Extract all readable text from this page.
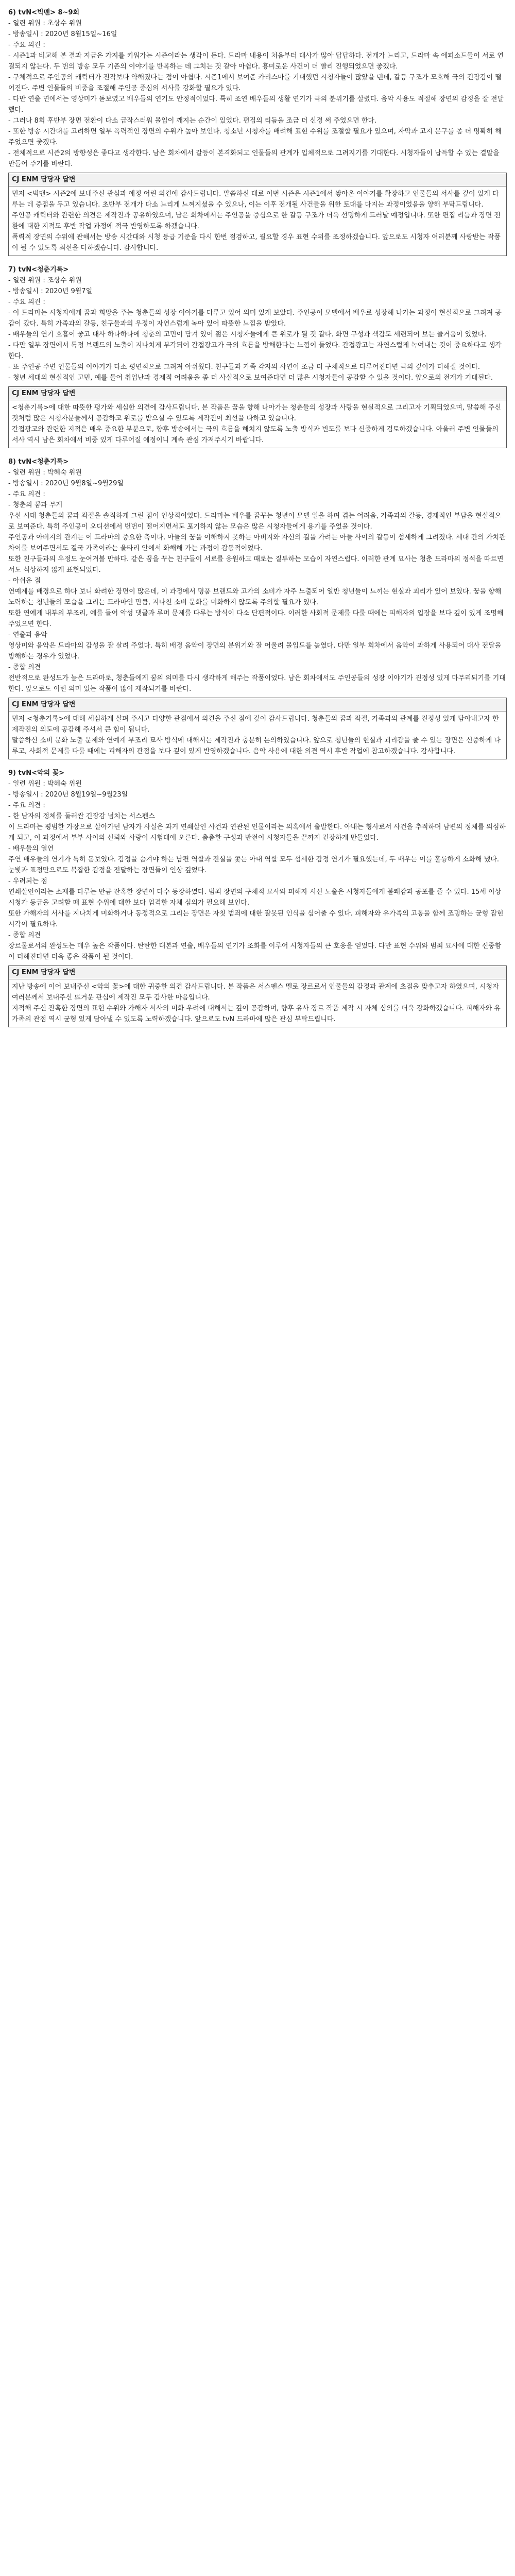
6) tvN<빅맨> 8~9회

- 일련 위원 : 초상수 위원

- 방송일시 : 2020년 8월15일~16일

- 주요 의견 :

- 시즌1과 비교해 본 결과 지금은 가지를 키워가는 시즌이라는 생각이 든다. 드라마 내용이 처음부터 대사가 많아 답답하다. 전개가 느리고, 드라마 속 에피소드들이 서로 연결되지 않는다. 두 번의 방송 모두 기존의 이야기를 반복하는 데 그치는 것 같아 아쉽다. 흥미로운 사건이 더 빨리 진행되었으면 좋겠다.

- 구체적으로 주인공의 캐릭터가 전작보다 약해졌다는 점이 아쉽다. 시즌1에서 보여준 카리스마를 기대했던 시청자들이 많았을 텐데, 갈등 구조가 모호해 극의 긴장감이 떨어진다. 주변 인물들의 비중을 조절해 주인공 중심의 서사를 강화할 필요가 있다.

- 다만 연출 면에서는 영상미가 돋보였고 배우들의 연기도 안정적이었다. 특히 조연 배우들의 생활 연기가 극의 분위기를 살렸다. 음악 사용도 적절해 장면의 감정을 잘 전달했다.

- 그러나 8회 후반부 장면 전환이 다소 급작스러워 몰입이 깨지는 순간이 있었다. 편집의 리듬을 조금 더 신경 써 주었으면 한다.

- 또한 방송 시간대를 고려하면 일부 폭력적인 장면의 수위가 높아 보인다. 청소년 시청자를 배려해 표현 수위를 조절할 필요가 있으며, 자막과 고지 문구를 좀 더 명확히 해 주었으면 좋겠다.

- 전체적으로 시즌2의 방향성은 좋다고 생각한다. 남은 회차에서 갈등이 본격화되고 인물들의 관계가 입체적으로 그려지기를 기대한다. 시청자들이 납득할 수 있는 결말을 만들어 주기를 바란다.

CJ ENM 담당자 답변

먼저 <빅맨> 시즌2에 보내주신 관심과 애정 어린 의견에 감사드립니다. 말씀하신 대로 이번 시즌은 시즌1에서 쌓아온 이야기를 확장하고 인물들의 서사를 깊이 있게 다루는 데 중점을 두고 있습니다. 초반부 전개가 다소 느리게 느껴지셨을 수 있으나, 이는 이후 전개될 사건들을 위한 토대를 다지는 과정이었음을 양해 부탁드립니다.

주인공 캐릭터와 관련한 의견은 제작진과 공유하였으며, 남은 회차에서는 주인공을 중심으로 한 갈등 구조가 더욱 선명하게 드러날 예정입니다. 또한 편집 리듬과 장면 전환에 대한 지적도 후반 작업 과정에 적극 반영하도록 하겠습니다.

폭력적 장면의 수위에 관해서는 방송 시간대와 시청 등급 기준을 다시 한번 점검하고, 필요할 경우 표현 수위를 조정하겠습니다. 앞으로도 시청자 여러분께 사랑받는 작품이 될 수 있도록 최선을 다하겠습니다. 감사합니다.

7) tvN<청춘기록>

- 일련 위원 : 조상수 위원

- 방송일시 : 2020년 9월7일

- 주요 의견 :

- 이 드라마는 시청자에게 꿈과 희망을 주는 청춘들의 성장 이야기를 다루고 있어 의미 있게 보았다. 주인공이 모델에서 배우로 성장해 나가는 과정이 현실적으로 그려져 공감이 갔다. 특히 가족과의 갈등, 친구들과의 우정이 자연스럽게 녹아 있어 따뜻한 느낌을 받았다.

- 배우들의 연기 호흡이 좋고 대사 하나하나에 청춘의 고민이 담겨 있어 젊은 시청자들에게 큰 위로가 될 것 같다. 화면 구성과 색감도 세련되어 보는 즐거움이 있었다.

- 다만 일부 장면에서 특정 브랜드의 노출이 지나치게 부각되어 간접광고가 극의 흐름을 방해한다는 느낌이 들었다. 간접광고는 자연스럽게 녹여내는 것이 중요하다고 생각한다.

- 또 주인공 주변 인물들의 이야기가 다소 평면적으로 그려져 아쉬웠다. 친구들과 가족 각자의 사연이 조금 더 구체적으로 다루어진다면 극의 깊이가 더해질 것이다.

- 청년 세대의 현실적인 고민, 예를 들어 취업난과 경제적 어려움을 좀 더 사실적으로 보여준다면 더 많은 시청자들이 공감할 수 있을 것이다. 앞으로의 전개가 기대된다.

CJ ENM 담당자 답변

<청춘기록>에 대한 따뜻한 평가와 세심한 의견에 감사드립니다. 본 작품은 꿈을 향해 나아가는 청춘들의 성장과 사랑을 현실적으로 그리고자 기획되었으며, 말씀해 주신 것처럼 많은 시청자분들께서 공감하고 위로를 받으실 수 있도록 제작진이 최선을 다하고 있습니다.

간접광고와 관련한 지적은 매우 중요한 부분으로, 향후 방송에서는 극의 흐름을 해치지 않도록 노출 방식과 빈도를 보다 신중하게 검토하겠습니다. 아울러 주변 인물들의 서사 역시 남은 회차에서 비중 있게 다루어질 예정이니 계속 관심 가져주시기 바랍니다.

8) tvN<청춘기록>

- 일련 위원 : 박혜숙 위원

- 방송일시 : 2020년 9월8일~9월29일

- 주요 의견 :

- 청춘의 꿈과 무게

우선 시대 청춘들의 꿈과 좌절을 솔직하게 그린 점이 인상적이었다. 드라마는 배우를 꿈꾸는 청년이 모델 일을 하며 겪는 어려움, 가족과의 갈등, 경제적인 부담을 현실적으로 보여준다. 특히 주인공이 오디션에서 번번이 떨어지면서도 포기하지 않는 모습은 많은 시청자들에게 용기를 주었을 것이다.

주인공과 아버지의 관계는 이 드라마의 중요한 축이다. 아들의 꿈을 이해하지 못하는 아버지와 자신의 길을 가려는 아들 사이의 갈등이 섬세하게 그려졌다. 세대 간의 가치관 차이를 보여주면서도 결국 가족이라는 울타리 안에서 화해해 가는 과정이 감동적이었다.

또한 친구들과의 우정도 눈여겨볼 만하다. 같은 꿈을 꾸는 친구들이 서로를 응원하고 때로는 질투하는 모습이 자연스럽다. 이러한 관계 묘사는 청춘 드라마의 정석을 따르면서도 식상하지 않게 표현되었다.

- 아쉬운 점

연예계를 배경으로 하다 보니 화려한 장면이 많은데, 이 과정에서 명품 브랜드와 고가의 소비가 자주 노출되어 일반 청년들이 느끼는 현실과 괴리가 있어 보였다. 꿈을 향해 노력하는 청년들의 모습을 그리는 드라마인 만큼, 지나친 소비 문화를 미화하지 않도록 주의할 필요가 있다.

또한 연예계 내부의 부조리, 예를 들어 악성 댓글과 루머 문제를 다루는 방식이 다소 단편적이다. 이러한 사회적 문제를 다룰 때에는 피해자의 입장을 보다 깊이 있게 조명해 주었으면 한다.

- 연출과 음악

영상미와 음악은 드라마의 감성을 잘 살려 주었다. 특히 배경 음악이 장면의 분위기와 잘 어울려 몰입도를 높였다. 다만 일부 회차에서 음악이 과하게 사용되어 대사 전달을 방해하는 경우가 있었다.

- 종합 의견

전반적으로 완성도가 높은 드라마로, 청춘들에게 꿈의 의미를 다시 생각하게 해주는 작품이었다. 남은 회차에서도 주인공들의 성장 이야기가 진정성 있게 마무리되기를 기대한다. 앞으로도 이런 의미 있는 작품이 많이 제작되기를 바란다.

CJ ENM 담당자 답변

먼저 <청춘기록>에 대해 세심하게 살펴 주시고 다양한 관점에서 의견을 주신 점에 깊이 감사드립니다. 청춘들의 꿈과 좌절, 가족과의 관계를 진정성 있게 담아내고자 한 제작진의 의도에 공감해 주셔서 큰 힘이 됩니다.

말씀하신 소비 문화 노출 문제와 연예계 부조리 묘사 방식에 대해서는 제작진과 충분히 논의하였습니다. 앞으로 청년들의 현실과 괴리감을 줄 수 있는 장면은 신중하게 다루고, 사회적 문제를 다룰 때에는 피해자의 관점을 보다 깊이 있게 반영하겠습니다. 음악 사용에 대한 의견 역시 후반 작업에 참고하겠습니다. 감사합니다.

9) tvN<악의 꽃>

- 일련 위원 : 박혜숙 위원

- 방송일시 : 2020년 8월19일~9월23일

- 주요 의견 :

- 한 남자의 정체를 둘러싼 긴장감 넘치는 서스펜스

이 드라마는 평범한 가장으로 살아가던 남자가 사실은 과거 연쇄살인 사건과 연관된 인물이라는 의혹에서 출발한다. 아내는 형사로서 사건을 추적하며 남편의 정체를 의심하게 되고, 이 과정에서 부부 사이의 신뢰와 사랑이 시험대에 오른다. 촘촘한 구성과 반전이 시청자들을 끝까지 긴장하게 만들었다.

- 배우들의 열연

주연 배우들의 연기가 특히 돋보였다. 감정을 숨겨야 하는 남편 역할과 진실을 쫓는 아내 역할 모두 섬세한 감정 연기가 필요했는데, 두 배우는 이를 훌륭하게 소화해 냈다. 눈빛과 표정만으로도 복잡한 감정을 전달하는 장면들이 인상 깊었다.

- 우려되는 점

연쇄살인이라는 소재를 다루는 만큼 잔혹한 장면이 다수 등장하였다. 범죄 장면의 구체적 묘사와 피해자 시신 노출은 시청자들에게 불쾌감과 공포를 줄 수 있다. 15세 이상 시청가 등급을 고려할 때 표현 수위에 대한 보다 엄격한 자체 심의가 필요해 보인다.

또한 가해자의 서사를 지나치게 미화하거나 동정적으로 그리는 장면은 자칫 범죄에 대한 잘못된 인식을 심어줄 수 있다. 피해자와 유가족의 고통을 함께 조명하는 균형 잡힌 시각이 필요하다.

- 종합 의견

장르물로서의 완성도는 매우 높은 작품이다. 탄탄한 대본과 연출, 배우들의 연기가 조화를 이루어 시청자들의 큰 호응을 얻었다. 다만 표현 수위와 범죄 묘사에 대한 신중함이 더해진다면 더욱 좋은 작품이 될 것이다.

CJ ENM 담당자 답변

지난 방송에 이어 보내주신 <악의 꽃>에 대한 귀중한 의견 감사드립니다. 본 작품은 서스펜스 멜로 장르로서 인물들의 감정과 관계에 초점을 맞추고자 하였으며, 시청자 여러분께서 보내주신 뜨거운 관심에 제작진 모두 감사한 마음입니다.

지적해 주신 잔혹한 장면의 표현 수위와 가해자 서사의 미화 우려에 대해서는 깊이 공감하며, 향후 유사 장르 작품 제작 시 자체 심의를 더욱 강화하겠습니다. 피해자와 유가족의 관점 역시 균형 있게 담아낼 수 있도록 노력하겠습니다. 앞으로도 tvN 드라마에 많은 관심 부탁드립니다.
